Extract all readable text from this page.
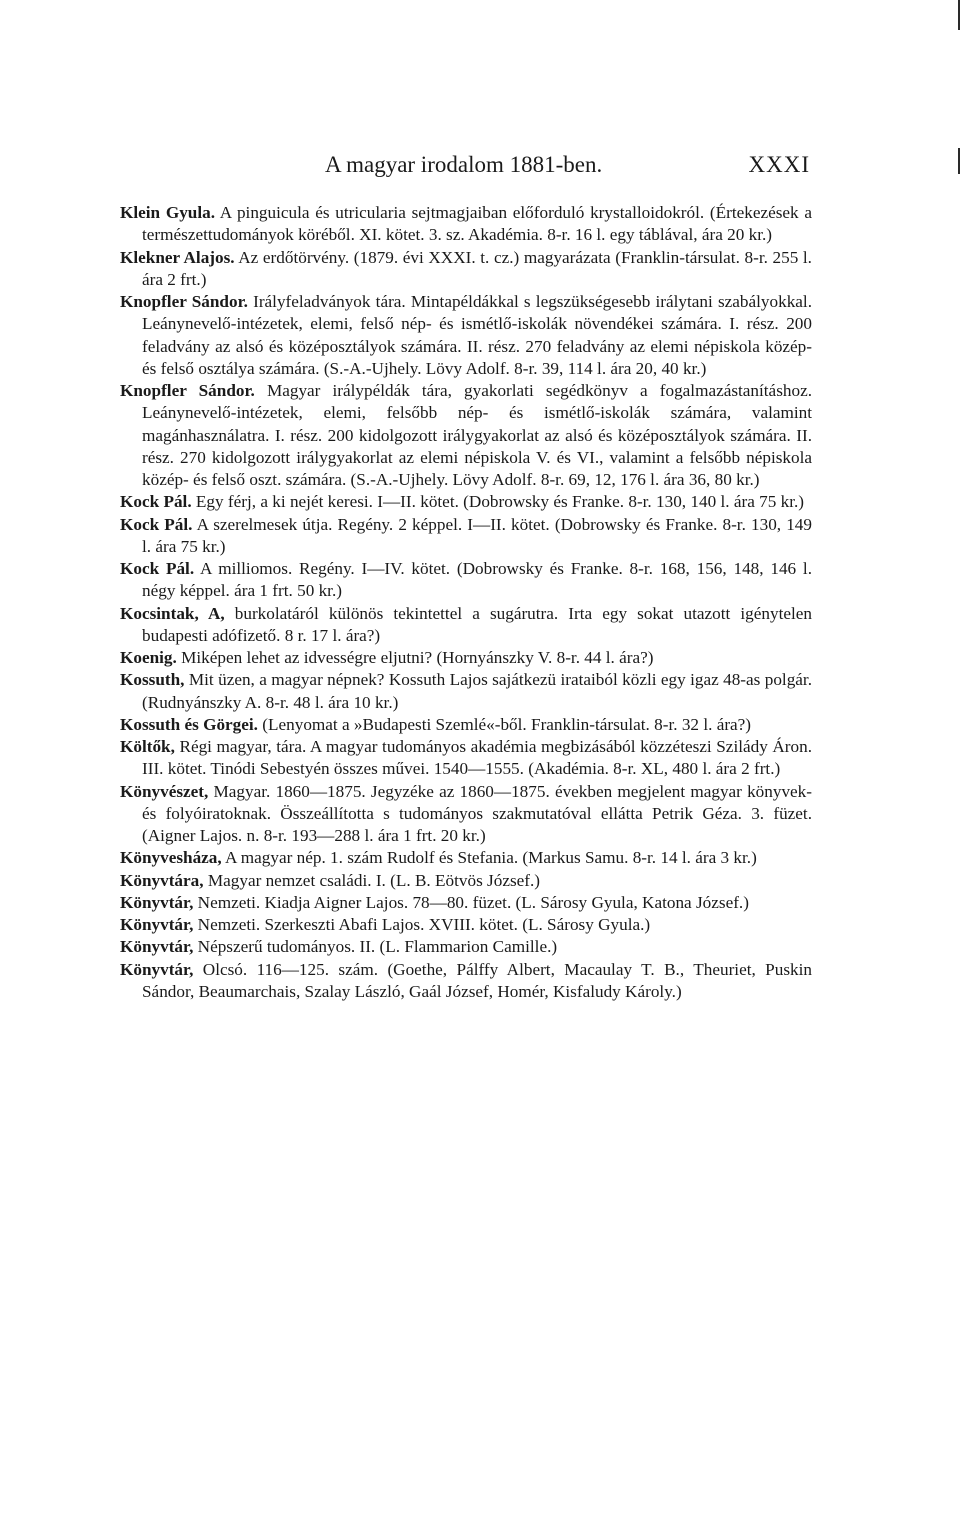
A magyar irodalom 1881-ben.	XXXI

Klein Gyula. A pinguicula és utricularia sejtmagjaiban előforduló krystalloidokról. (Értekezések a természettudományok köréből. XI. kötet. 3. sz. Akadémia. 8-r. 16 l. egy táblával, ára 20 kr.)

Klekner Alajos. Az erdőtörvény. (1879. évi XXXI. t. cz.) magyarázata (Franklin-társulat. 8-r. 255 l. ára 2 frt.)

Knopfler Sándor. Irályfeladványok tára. Mintapéldákkal s legszükségesebb irálytani szabályokkal. Leánynevelő-intézetek, elemi, felső nép- és ismétlő-iskolák növendékei számára. I. rész. 200 feladvány az alsó és középosztályok számára. II. rész. 270 feladvány az elemi népiskola közép- és felső osztálya számára. (S.-A.-Ujhely. Lövy Adolf. 8-r. 39, 114 l. ára 20, 40 kr.)

Knopfler Sándor. Magyar irálypéldák tára, gyakorlati segédkönyv a fogalmazástanításhoz. Leánynevelő-intézetek, elemi, felsőbb nép- és ismétlő-iskolák számára, valamint magánhasználatra. I. rész. 200 kidolgozott irálygyakorlat az alsó és középosztályok számára. II. rész. 270 kidolgozott irálygyakorlat az elemi népiskola V. és VI., valamint a felsőbb népiskola közép- és felső oszt. számára. (S.-A.-Ujhely. Lövy Adolf. 8-r. 69, 12, 176 l. ára 36, 80 kr.)

Kock Pál. Egy férj, a ki nejét keresi. I—II. kötet. (Dobrowsky és Franke. 8-r. 130, 140 l. ára 75 kr.)

Kock Pál. A szerelmesek útja. Regény. 2 képpel. I—II. kötet. (Dobrowsky és Franke. 8-r. 130, 149 l. ára 75 kr.)

Kock Pál. A milliomos. Regény. I—IV. kötet. (Dobrowsky és Franke. 8-r. 168, 156, 148, 146 l. négy képpel. ára 1 frt. 50 kr.)

Kocsintak, A, burkolatáról különös tekintettel a sugárutra. Irta egy sokat utazott igénytelen budapesti adófizető. 8 r. 17 l. ára?)

Koenig. Miképen lehet az idvességre eljutni? (Hornyánszky V. 8-r. 44 l. ára?)

Kossuth, Mit üzen, a magyar népnek? Kossuth Lajos sajátkezü irataiból közli egy igaz 48-as polgár. (Rudnyánszky A. 8-r. 48 l. ára 10 kr.)

Kossuth és Görgei. (Lenyomat a »Budapesti Szemlé«-ből. Franklin-társulat. 8-r. 32 l. ára?)

Költők, Régi magyar, tára. A magyar tudományos akadémia megbizásából közzéteszi Szilády Áron. III. kötet. Tinódi Sebestyén összes művei. 1540—1555. (Akadémia. 8-r. XL, 480 l. ára 2 frt.)

Könyvészet, Magyar. 1860—1875. Jegyzéke az 1860—1875. években megjelent magyar könyvek- és folyóiratoknak. Összeállította s tudományos szakmutatóval ellátta Petrik Géza. 3. füzet. (Aigner Lajos. n. 8-r. 193—288 l. ára 1 frt. 20 kr.)

Könyvesháza, A magyar nép. 1. szám Rudolf és Stefania. (Markus Samu. 8-r. 14 l. ára 3 kr.)

Könyvtára, Magyar nemzet családi. I. (L. B. Eötvös József.)

Könyvtár, Nemzeti. Kiadja Aigner Lajos. 78—80. füzet. (L. Sárosy Gyula, Katona József.)

Könyvtár, Nemzeti. Szerkeszti Abafi Lajos. XVIII. kötet. (L. Sárosy Gyula.)

Könyvtár, Népszerű tudományos. II. (L. Flammarion Camille.)

Könyvtár, Olcsó. 116—125. szám. (Goethe, Pálffy Albert, Macaulay T. B., Theuriet, Puskin Sándor, Beaumarchais, Szalay László, Gaál József, Homér, Kisfaludy Károly.)
